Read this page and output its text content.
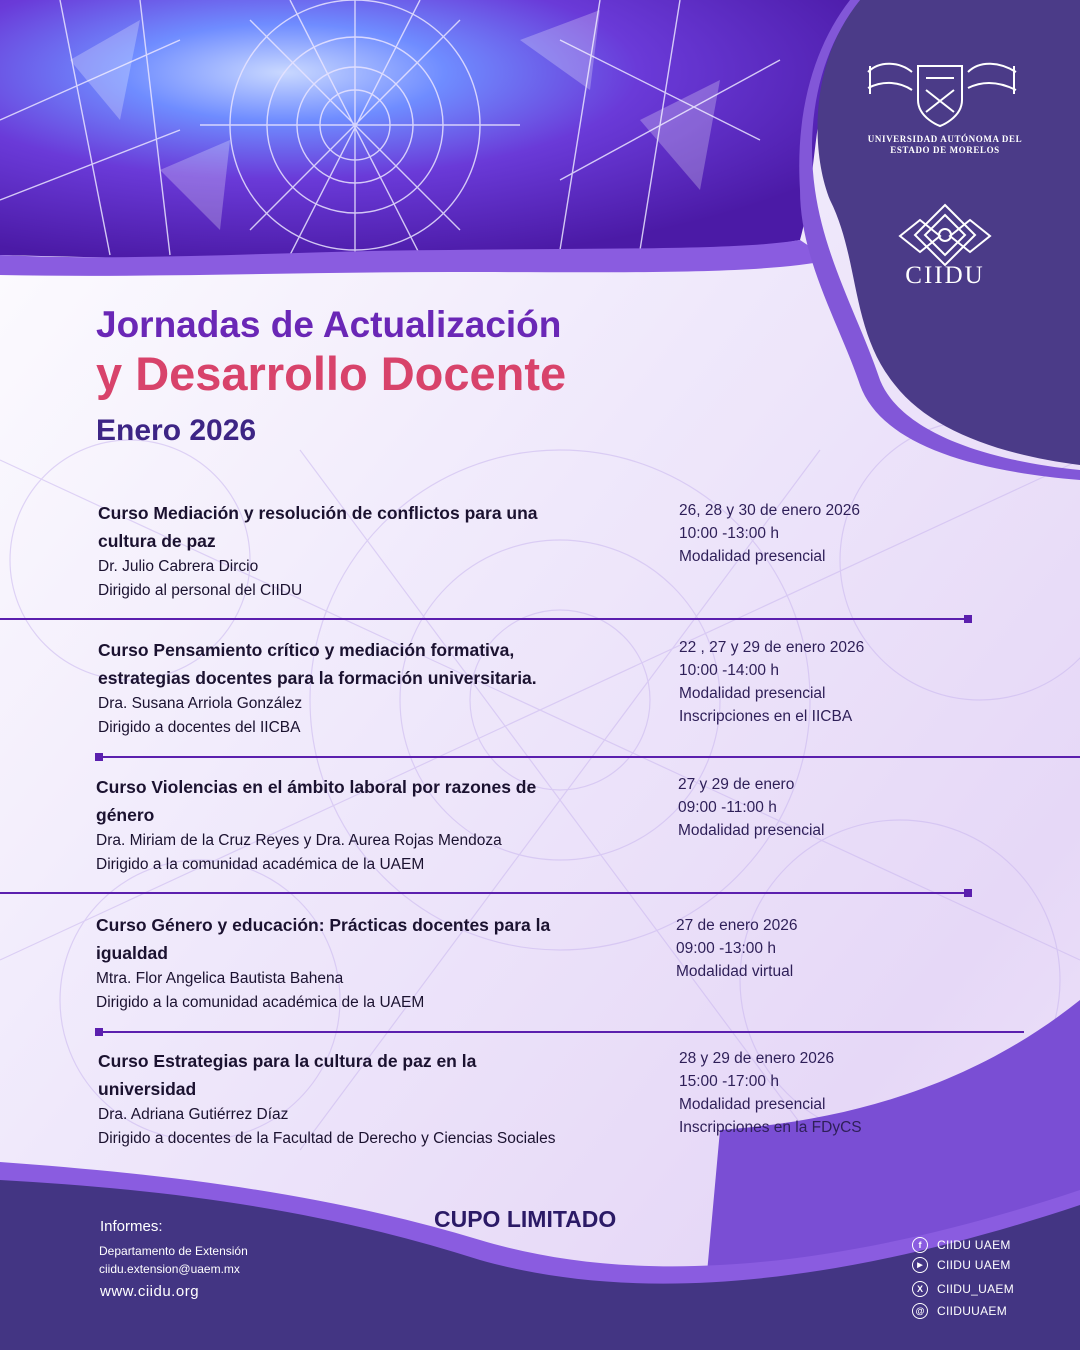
UNIVERSIDAD AUTÓNOMA DEL
ESTADO DE MORELOS
CIIDU
Jornadas de Actualización
y Desarrollo Docente
Enero 2026
Curso Mediación y resolución de conflictos para una
cultura de paz
Dr. Julio Cabrera Dircio
Dirigido al personal del CIIDU
26, 28 y 30 de enero 2026
10:00 -13:00 h
Modalidad presencial
Curso Pensamiento crítico y mediación formativa,
estrategias docentes para la formación universitaria.
Dra. Susana Arriola González
Dirigido a docentes del IICBA
22 , 27 y 29 de enero 2026
10:00 -14:00 h
Modalidad presencial
Inscripciones en el IICBA
Curso Violencias en el ámbito laboral por razones de
género
Dra. Miriam de la Cruz Reyes y Dra. Aurea Rojas Mendoza
Dirigido a la comunidad académica de la UAEM
27 y 29 de enero
09:00 -11:00 h
Modalidad presencial
Curso Género y educación: Prácticas docentes para la
igualdad
Mtra. Flor Angelica Bautista Bahena
Dirigido a la comunidad académica de la UAEM
27 de enero 2026
09:00 -13:00 h
Modalidad virtual
Curso Estrategias para la cultura de paz en la
universidad
Dra. Adriana Gutiérrez Díaz
Dirigido a docentes de la Facultad de Derecho y Ciencias Sociales
28 y 29 de enero 2026
15:00 -17:00 h
Modalidad presencial
Inscripciones en la FDyCS
CUPO LIMITADO
Informes:
Departamento de Extensión
ciidu.extension@uaem.mx
www.ciidu.org
f	CIIDU UAEM
▶	CIIDU UAEM
X	CIIDU_UAEM
@	CIIDUUAEM
